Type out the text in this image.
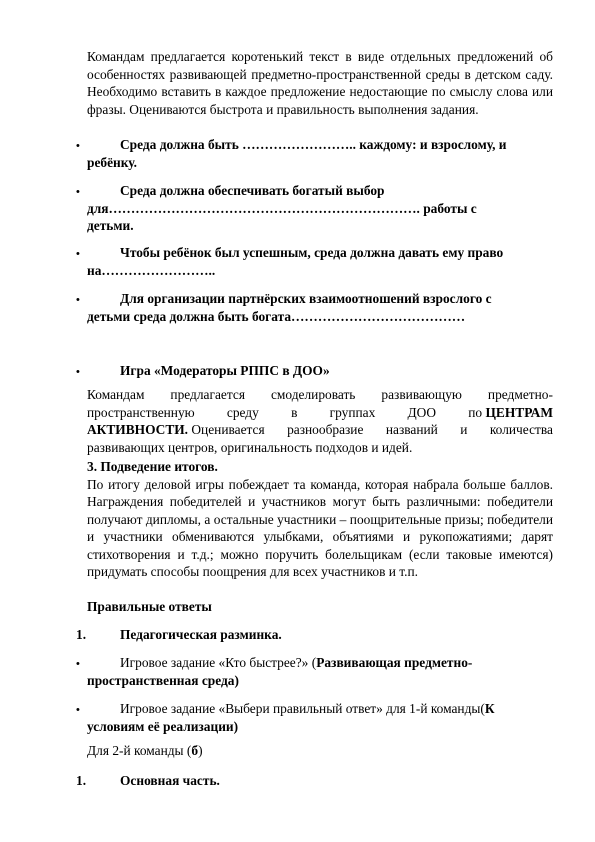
Командам предлагается коротенький текст в виде отдельных предложений об особенностях развивающей предметно-пространственной среды в детском саду. Необходимо вставить в каждое предложение недостающие по смыслу слова или фразы. Оцениваются быстрота и правильность выполнения задания.
•	Среда должна быть …………………….. каждому: и взрослому, и
ребёнку.
•	Среда должна обеспечивать богатый выбор
для……………………………………………………………. работы с
детьми.
•	Чтобы ребёнок был успешным, среда должна давать ему право
на……………………..
•	Для организации партнёрских взаимоотношений взрослого с
детьми среда должна быть богата…………………………………
•	Игра «Модераторы РППС в ДОО»
Командам предлагается смоделировать развивающую предметно-
пространственную среду в группах ДОО по ЦЕНТРАМ
АКТИВНОСТИ. Оценивается разнообразие названий и количества
развивающих центров, оригинальность подходов и идей.
3. Подведение итогов.
По итогу деловой игры побеждает та команда, которая набрала больше баллов. Награждения победителей и участников могут быть различными: победители получают дипломы, а остальные участники – поощрительные призы; победители и участники обмениваются улыбками, объятиями и рукопожатиями; дарят стихотворения и т.д.; можно поручить болельщикам (если таковые имеются) придумать способы поощрения для всех участников и т.п.
Правильные ответы
1.	Педагогическая разминка.
•	Игровое задание «Кто быстрее?» (Развивающая предметно-
пространственная среда)
•	Игровое задание «Выбери правильный ответ» для 1-й команды(К
условиям её реализации)
Для 2-й команды (б)
1.	Основная часть.
